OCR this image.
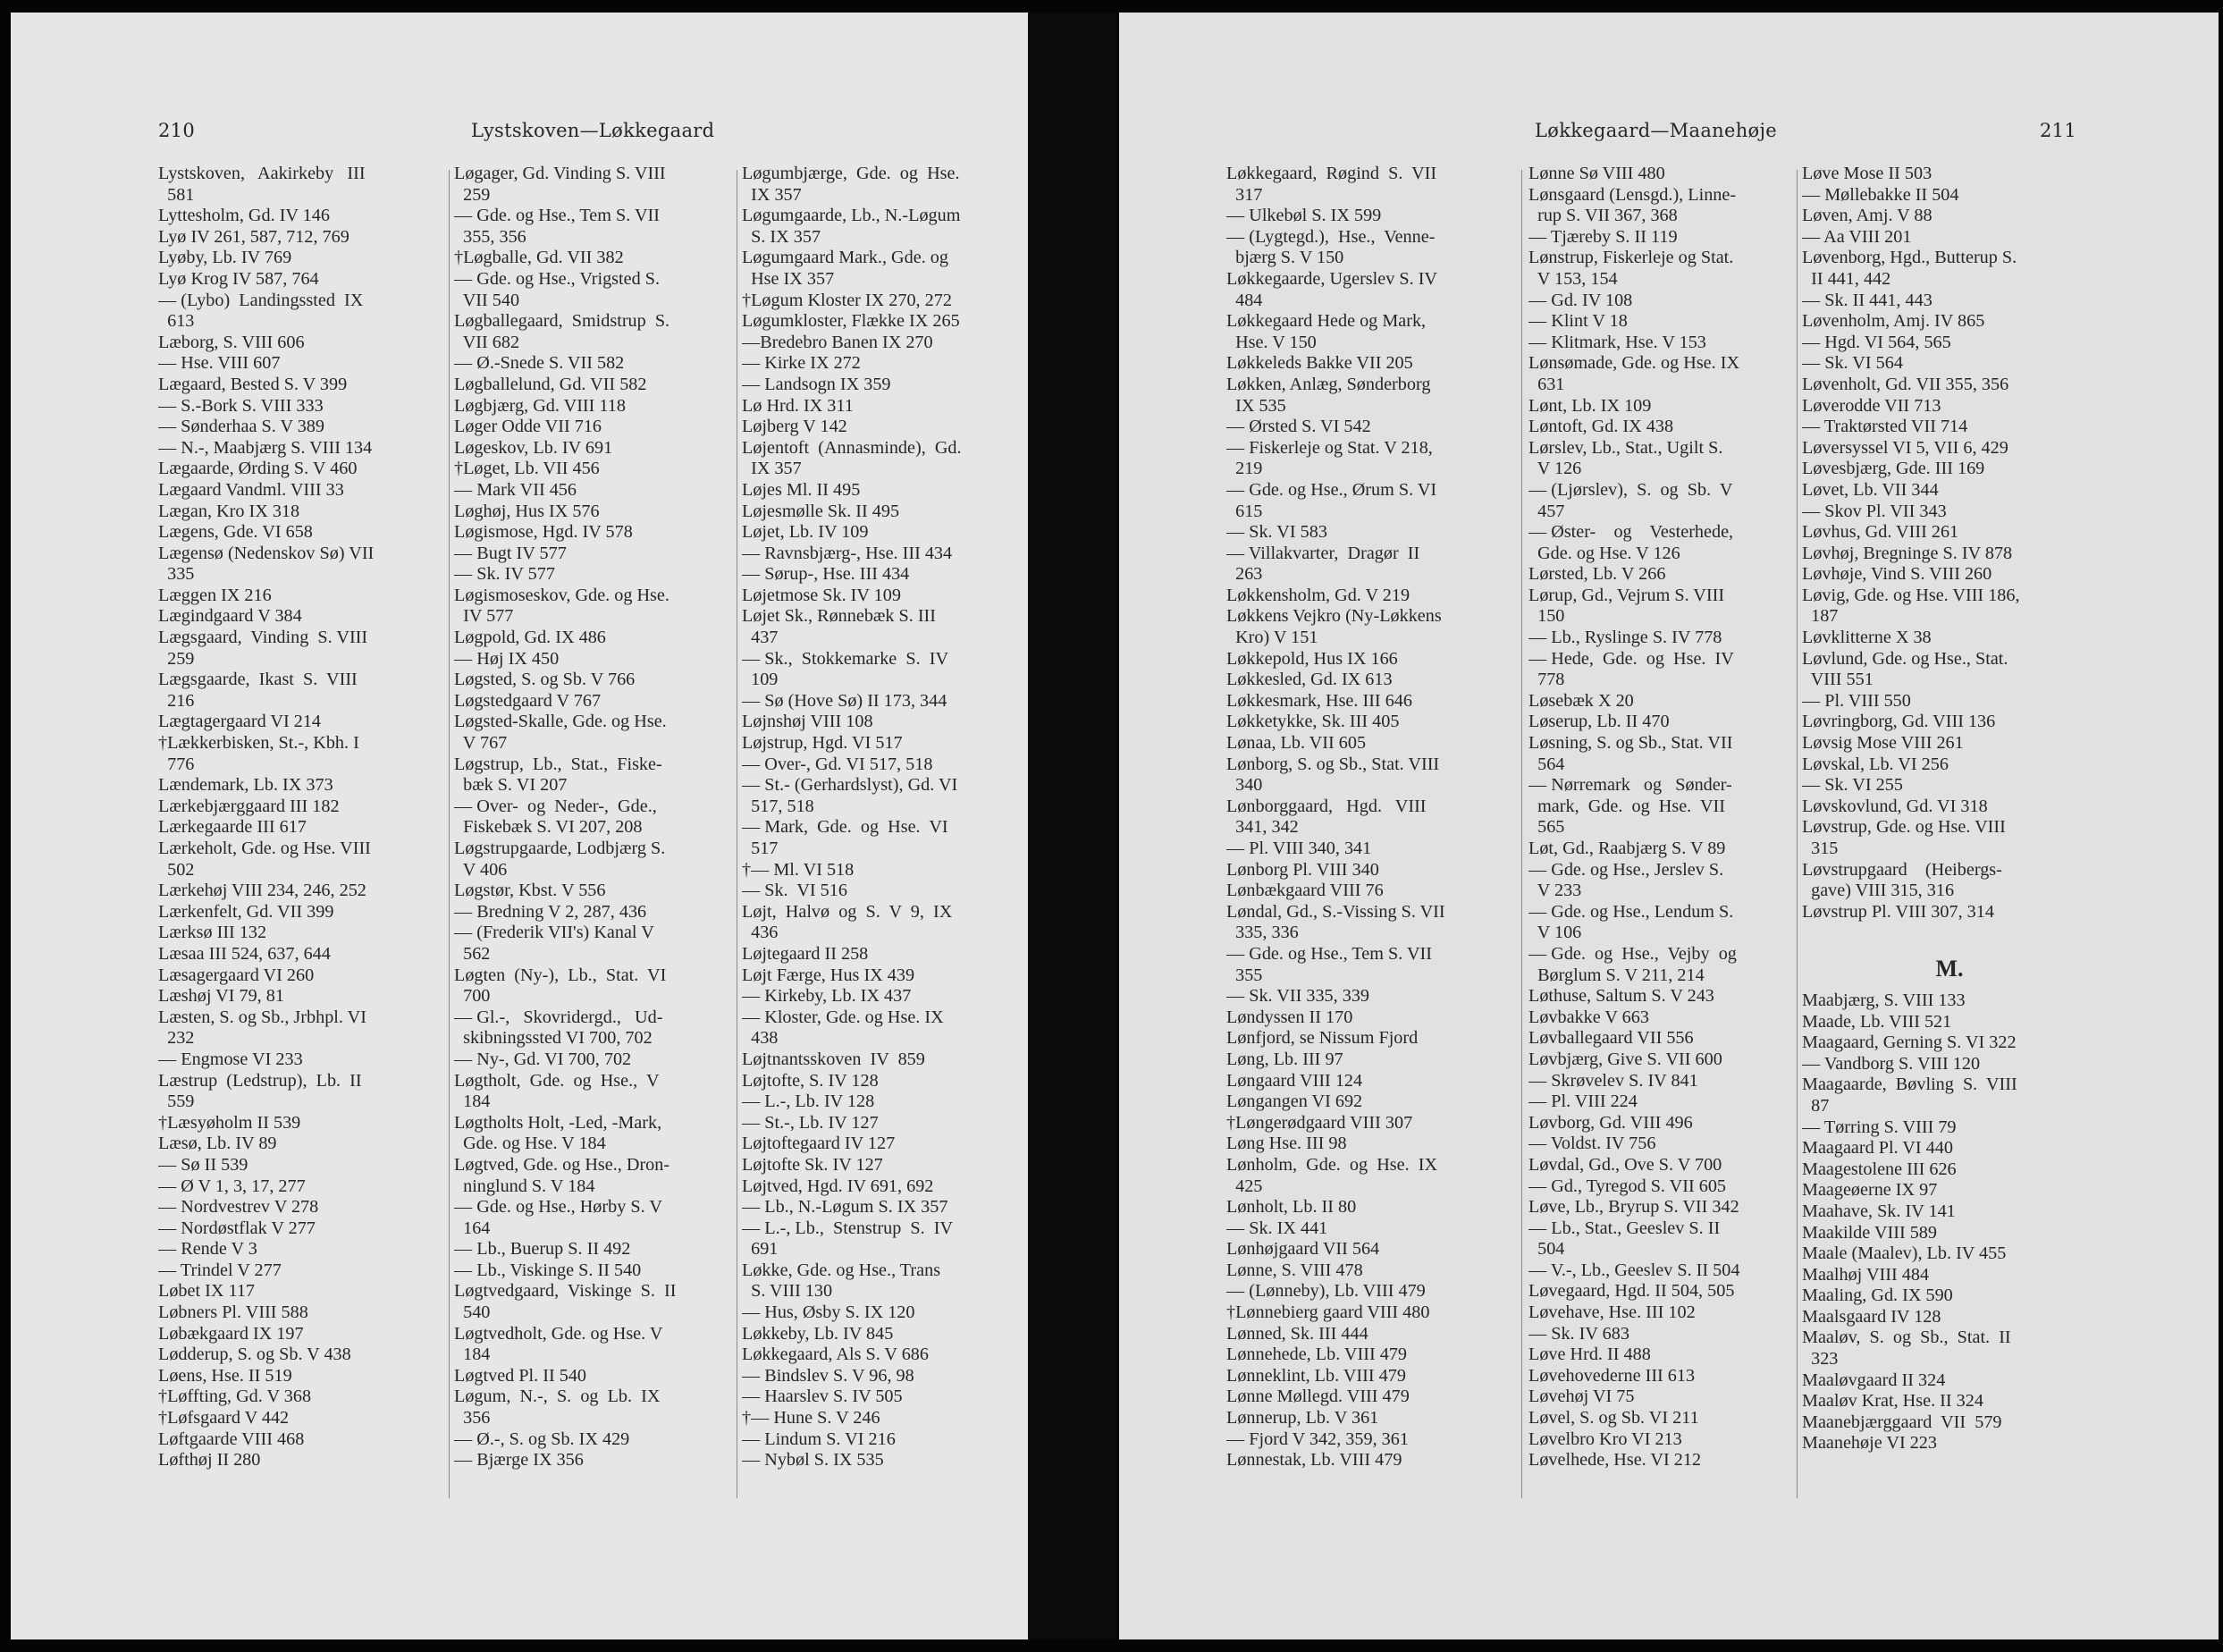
210	Lystskoven—Løkkegaard
Lystskoven,   Aakirkeby   III
581
Lyttesholm, Gd. IV 146
Lyø IV 261, 587, 712, 769
Lyøby, Lb. IV 769
Lyø Krog IV 587, 764
— (Lybo)  Landingssted  IX
613
Læborg, S. VIII 606
— Hse. VIII 607
Lægaard, Bested S. V 399
— S.-Bork S. VIII 333
— Sønderhaa S. V 389
— N.-, Maabjærg S. VIII 134
Lægaarde, Ørding S. V 460
Lægaard Vandml. VIII 33
Lægan, Kro IX 318
Lægens, Gde. VI 658
Lægensø (Nedenskov Sø) VII
335
Læggen IX 216
Lægindgaard V 384
Lægsgaard,  Vinding  S. VIII
259
Lægsgaarde,  Ikast  S.  VIII
216
Lægtagergaard VI 214
†Lækkerbisken, St.-, Kbh. I
776
Lændemark, Lb. IX 373
Lærkebjærggaard III 182
Lærkegaarde III 617
Lærkeholt, Gde. og Hse. VIII
502
Lærkehøj VIII 234, 246, 252
Lærkenfelt, Gd. VII 399
Lærksø III 132
Læsaa III 524, 637, 644
Læsagergaard VI 260
Læshøj VI 79, 81
Læsten, S. og Sb., Jrbhpl. VI
232
— Engmose VI 233
Læstrup  (Ledstrup),  Lb.  II
559
†Læsyøholm II 539
Læsø, Lb. IV 89
— Sø II 539
— Ø V 1, 3, 17, 277
— Nordvestrev V 278
— Nordøstflak V 277
— Rende V 3
— Trindel V 277
Løbet IX 117
Løbners Pl. VIII 588
Løbækgaard IX 197
Lødderup, S. og Sb. V 438
Løens, Hse. II 519
†Løffting, Gd. V 368
†Løfsgaard V 442
Løftgaarde VIII 468
Løfthøj II 280
Løgager, Gd. Vinding S. VIII
259
— Gde. og Hse., Tem S. VII
355, 356
†Løgballe, Gd. VII 382
— Gde. og Hse., Vrigsted S.
VII 540
Løgballegaard,  Smidstrup  S.
VII 682
— Ø.-Snede S. VII 582
Løgballelund, Gd. VII 582
Løgbjærg, Gd. VIII 118
Løger Odde VII 716
Løgeskov, Lb. IV 691
†Løget, Lb. VII 456
— Mark VII 456
Løghøj, Hus IX 576
Løgismose, Hgd. IV 578
— Bugt IV 577
— Sk. IV 577
Løgismoseskov, Gde. og Hse.
IV 577
Løgpold, Gd. IX 486
— Høj IX 450
Løgsted, S. og Sb. V 766
Løgstedgaard V 767
Løgsted-Skalle, Gde. og Hse.
V 767
Løgstrup,  Lb.,  Stat.,  Fiske-
bæk S. VI 207
— Over-  og  Neder-,  Gde.,
Fiskebæk S. VI 207, 208
Løgstrupgaarde, Lodbjærg S.
V 406
Løgstør, Kbst. V 556
— Bredning V 2, 287, 436
— (Frederik VII's) Kanal V
562
Løgten  (Ny-),  Lb.,  Stat.  VI
700
— Gl.-,   Skovridergd.,   Ud-
skibningssted VI 700, 702
— Ny-, Gd. VI 700, 702
Løgtholt,  Gde.  og  Hse.,  V
184
Løgtholts Holt, -Led, -Mark,
Gde. og Hse. V 184
Løgtved, Gde. og Hse., Dron-
ninglund S. V 184
— Gde. og Hse., Hørby S. V
164
— Lb., Buerup S. II 492
— Lb., Viskinge S. II 540
Løgtvedgaard,  Viskinge  S.  II
540
Løgtvedholt, Gde. og Hse. V
184
Løgtved Pl. II 540
Løgum,  N.-,  S.  og  Lb.  IX
356
— Ø.-, S. og Sb. IX 429
— Bjærge IX 356
Løgumbjærge,  Gde.  og  Hse.
IX 357
Løgumgaarde, Lb., N.-Løgum
S. IX 357
Løgumgaard Mark., Gde. og
Hse IX 357
†Løgum Kloster IX 270, 272
Løgumkloster, Flække IX 265
—Bredebro Banen IX 270
— Kirke IX 272
— Landsogn IX 359
Lø Hrd. IX 311
Løjberg V 142
Løjentoft  (Annasminde),  Gd.
IX 357
Løjes Ml. II 495
Løjesmølle Sk. II 495
Løjet, Lb. IV 109
— Ravnsbjærg-, Hse. III 434
— Sørup-, Hse. III 434
Løjetmose Sk. IV 109
Løjet Sk., Rønnebæk S. III
437
— Sk.,  Stokkemarke  S.  IV
109
— Sø (Hove Sø) II 173, 344
Løjnshøj VIII 108
Løjstrup, Hgd. VI 517
— Over-, Gd. VI 517, 518
— St.- (Gerhardslyst), Gd. VI
517, 518
— Mark,  Gde.  og  Hse.  VI
517
†— Ml. VI 518
— Sk.  VI 516
Løjt,  Halvø  og  S.  V  9,  IX
436
Løjtegaard II 258
Løjt Færge, Hus IX 439
— Kirkeby, Lb. IX 437
— Kloster, Gde. og Hse. IX
438
Løjtnantsskoven  IV  859
Løjtofte, S. IV 128
— L.-, Lb. IV 128
— St.-, Lb. IV 127
Løjtoftegaard IV 127
Løjtofte Sk. IV 127
Løjtved, Hgd. IV 691, 692
— Lb., N.-Løgum S. IX 357
— L.-, Lb.,  Stenstrup  S.  IV
691
Løkke, Gde. og Hse., Trans
S. VIII 130
— Hus, Øsby S. IX 120
Løkkeby, Lb. IV 845
Løkkegaard, Als S. V 686
— Bindslev S. V 96, 98
— Haarslev S. IV 505
†— Hune S. V 246
— Lindum S. VI 216
— Nybøl S. IX 535
Løkkegaard—Maanehøje	211
Løkkegaard,  Røgind  S.  VII
317
— Ulkebøl S. IX 599
— (Lygtegd.),  Hse.,  Venne-
bjærg S. V 150
Løkkegaarde, Ugerslev S. IV
484
Løkkegaard Hede og Mark,
Hse. V 150
Løkkeleds Bakke VII 205
Løkken, Anlæg, Sønderborg
IX 535
— Ørsted S. VI 542
— Fiskerleje og Stat. V 218,
219
— Gde. og Hse., Ørum S. VI
615
— Sk. VI 583
— Villakvarter,  Dragør  II
263
Løkkensholm, Gd. V 219
Løkkens Vejkro (Ny-Løkkens
Kro) V 151
Løkkepold, Hus IX 166
Løkkesled, Gd. IX 613
Løkkesmark, Hse. III 646
Løkketykke, Sk. III 405
Lønaa, Lb. VII 605
Lønborg, S. og Sb., Stat. VIII
340
Lønborggaard,   Hgd.   VIII
341, 342
— Pl. VIII 340, 341
Lønborg Pl. VIII 340
Lønbækgaard VIII 76
Løndal, Gd., S.-Vissing S. VII
335, 336
— Gde. og Hse., Tem S. VII
355
— Sk. VII 335, 339
Løndyssen II 170
Lønfjord, se Nissum Fjord
Løng, Lb. III 97
Løngaard VIII 124
Løngangen VI 692
†Løngerødgaard VIII 307
Løng Hse. III 98
Lønholm,  Gde.  og  Hse.  IX
425
Lønholt, Lb. II 80
— Sk. IX 441
Lønhøjgaard VII 564
Lønne, S. VIII 478
— (Lønneby), Lb. VIII 479
†Lønnebierg gaard VIII 480
Lønned, Sk. III 444
Lønnehede, Lb. VIII 479
Lønneklint, Lb. VIII 479
Lønne Møllegd. VIII 479
Lønnerup, Lb. V 361
— Fjord V 342, 359, 361
Lønnestak, Lb. VIII 479
Lønne Sø VIII 480
Lønsgaard (Lensgd.), Linne-
rup S. VII 367, 368
— Tjæreby S. II 119
Lønstrup, Fiskerleje og Stat.
V 153, 154
— Gd. IV 108
— Klint V 18
— Klitmark, Hse. V 153
Lønsømade, Gde. og Hse. IX
631
Lønt, Lb. IX 109
Løntoft, Gd. IX 438
Lørslev, Lb., Stat., Ugilt S.
V 126
— (Ljørslev),  S.  og  Sb.  V
457
— Øster-    og    Vesterhede,
Gde. og Hse. V 126
Lørsted, Lb. V 266
Lørup, Gd., Vejrum S. VIII
150
— Lb., Ryslinge S. IV 778
— Hede,  Gde.  og  Hse.  IV
778
Løsebæk X 20
Løserup, Lb. II 470
Løsning, S. og Sb., Stat. VII
564
— Nørremark   og   Sønder-
mark,  Gde.  og  Hse.  VII
565
Løt, Gd., Raabjærg S. V 89
— Gde. og Hse., Jerslev S.
V 233
— Gde. og Hse., Lendum S.
V 106
— Gde.  og  Hse.,  Vejby  og
Børglum S. V 211, 214
Løthuse, Saltum S. V 243
Løvbakke V 663
Løvballegaard VII 556
Løvbjærg, Give S. VII 600
— Skrøvelev S. IV 841
— Pl. VIII 224
Løvborg, Gd. VIII 496
— Voldst. IV 756
Løvdal, Gd., Ove S. V 700
— Gd., Tyregod S. VII 605
Løve, Lb., Bryrup S. VII 342
— Lb., Stat., Geeslev S. II
504
— V.-, Lb., Geeslev S. II 504
Løvegaard, Hgd. II 504, 505
Løvehave, Hse. III 102
— Sk. IV 683
Løve Hrd. II 488
Løvehovederne III 613
Løvehøj VI 75
Løvel, S. og Sb. VI 211
Løvelbro Kro VI 213
Løvelhede, Hse. VI 212
Løve Mose II 503
— Møllebakke II 504
Løven, Amj. V 88
— Aa VIII 201
Løvenborg, Hgd., Butterup S.
II 441, 442
— Sk. II 441, 443
Løvenholm, Amj. IV 865
— Hgd. VI 564, 565
— Sk. VI 564
Løvenholt, Gd. VII 355, 356
Løverodde VII 713
— Traktørsted VII 714
Løversyssel VI 5, VII 6, 429
Løvesbjærg, Gde. III 169
Løvet, Lb. VII 344
— Skov Pl. VII 343
Løvhus, Gd. VIII 261
Løvhøj, Bregninge S. IV 878
Løvhøje, Vind S. VIII 260
Løvig, Gde. og Hse. VIII 186,
187
Løvklitterne X 38
Løvlund, Gde. og Hse., Stat.
VIII 551
— Pl. VIII 550
Løvringborg, Gd. VIII 136
Løvsig Mose VIII 261
Løvskal, Lb. VI 256
— Sk. VI 255
Løvskovlund, Gd. VI 318
Løvstrup, Gde. og Hse. VIII
315
Løvstrupgaard    (Heibergs-
gave) VIII 315, 316
Løvstrup Pl. VIII 307, 314
M.
Maabjærg, S. VIII 133
Maade, Lb. VIII 521
Maagaard, Gerning S. VI 322
— Vandborg S. VIII 120
Maagaarde,  Bøvling  S.  VIII
87
— Tørring S. VIII 79
Maagaard Pl. VI 440
Maagestolene III 626
Maageøerne IX 97
Maahave, Sk. IV 141
Maakilde VIII 589
Maale (Maalev), Lb. IV 455
Maalhøj VIII 484
Maaling, Gd. IX 590
Maalsgaard IV 128
Maaløv,  S.  og  Sb.,  Stat.  II
323
Maaløvgaard II 324
Maaløv Krat, Hse. II 324
Maanebjærggaard  VII  579
Maanehøje VI 223
